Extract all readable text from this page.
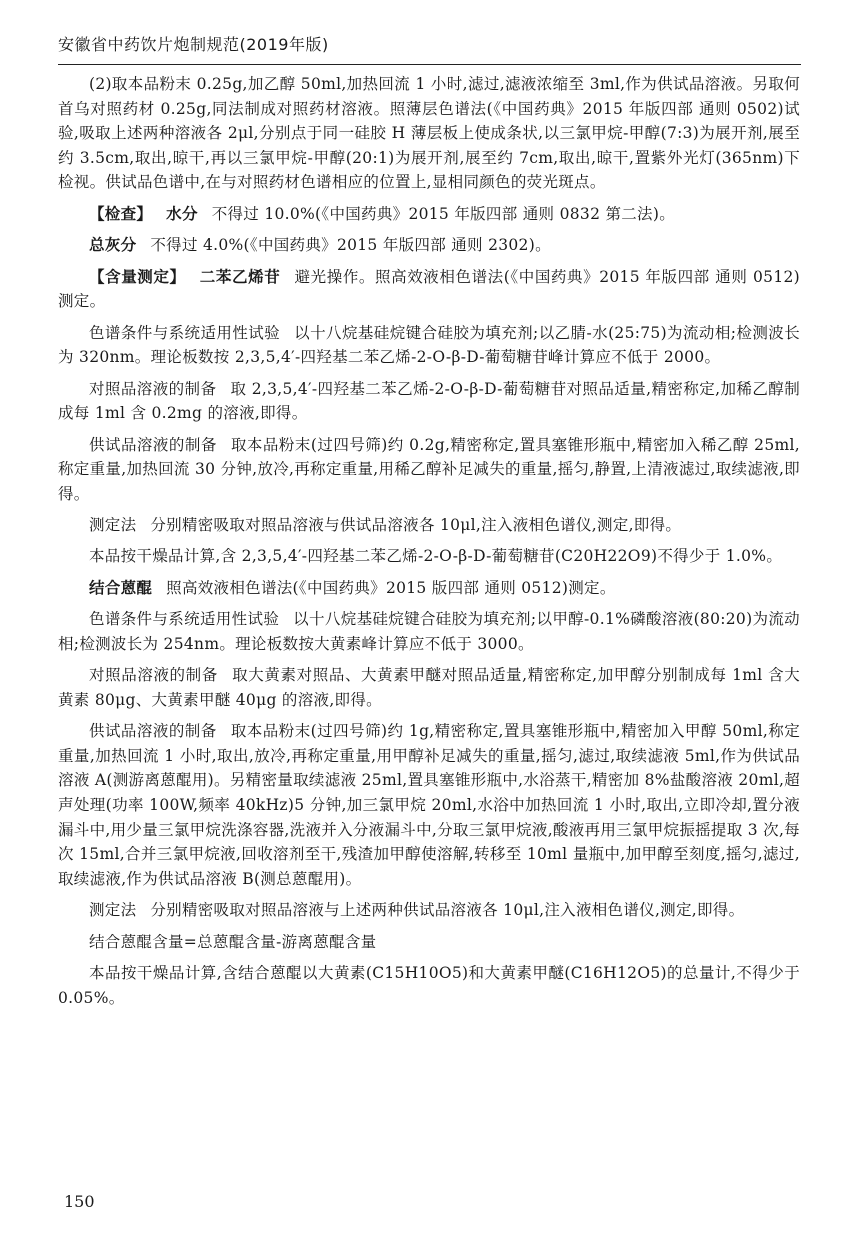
安徽省中药饮片炮制规范(2019年版)

(2)取本品粉末 0.25g,加乙醇 50ml,加热回流 1 小时,滤过,滤液浓缩至 3ml,作为供试品溶液。另取何首乌对照药材 0.25g,同法制成对照药材溶液。照薄层色谱法(《中国药典》2015 年版四部 通则 0502)试验,吸取上述两种溶液各 2μl,分别点于同一硅胶 H 薄层板上使成条状,以三氯甲烷-甲醇(7:3)为展开剂,展至约 3.5cm,取出,晾干,再以三氯甲烷-甲醇(20:1)为展开剂,展至约 7cm,取出,晾干,置紫外光灯(365nm)下检视。供试品色谱中,在与对照药材色谱相应的位置上,显相同颜色的荧光斑点。

【检查】 水分 不得过 10.0%(《中国药典》2015 年版四部 通则 0832 第二法)。

总灰分 不得过 4.0%(《中国药典》2015 年版四部 通则 2302)。

【含量测定】 二苯乙烯苷 避光操作。照高效液相色谱法(《中国药典》2015 年版四部 通则 0512)测定。

色谱条件与系统适用性试验 以十八烷基硅烷键合硅胶为填充剂;以乙腈-水(25:75)为流动相;检测波长为 320nm。理论板数按 2,3,5,4′-四羟基二苯乙烯-2-O-β-D-葡萄糖苷峰计算应不低于 2000。

对照品溶液的制备 取 2,3,5,4′-四羟基二苯乙烯-2-O-β-D-葡萄糖苷对照品适量,精密称定,加稀乙醇制成每 1ml 含 0.2mg 的溶液,即得。

供试品溶液的制备 取本品粉末(过四号筛)约 0.2g,精密称定,置具塞锥形瓶中,精密加入稀乙醇 25ml,称定重量,加热回流 30 分钟,放冷,再称定重量,用稀乙醇补足减失的重量,摇匀,静置,上清液滤过,取续滤液,即得。

测定法 分别精密吸取对照品溶液与供试品溶液各 10μl,注入液相色谱仪,测定,即得。

本品按干燥品计算,含 2,3,5,4′-四羟基二苯乙烯-2-O-β-D-葡萄糖苷(C20H22O9)不得少于 1.0%。

结合蒽醌 照高效液相色谱法(《中国药典》2015 版四部 通则 0512)测定。

色谱条件与系统适用性试验 以十八烷基硅烷键合硅胶为填充剂;以甲醇-0.1%磷酸溶液(80:20)为流动相;检测波长为 254nm。理论板数按大黄素峰计算应不低于 3000。

对照品溶液的制备 取大黄素对照品、大黄素甲醚对照品适量,精密称定,加甲醇分别制成每 1ml 含大黄素 80μg、大黄素甲醚 40μg 的溶液,即得。

供试品溶液的制备 取本品粉末(过四号筛)约 1g,精密称定,置具塞锥形瓶中,精密加入甲醇 50ml,称定重量,加热回流 1 小时,取出,放冷,再称定重量,用甲醇补足减失的重量,摇匀,滤过,取续滤液 5ml,作为供试品溶液 A(测游离蒽醌用)。另精密量取续滤液 25ml,置具塞锥形瓶中,水浴蒸干,精密加 8%盐酸溶液 20ml,超声处理(功率 100W,频率 40kHz)5 分钟,加三氯甲烷 20ml,水浴中加热回流 1 小时,取出,立即冷却,置分液漏斗中,用少量三氯甲烷洗涤容器,洗液并入分液漏斗中,分取三氯甲烷液,酸液再用三氯甲烷振摇提取 3 次,每次 15ml,合并三氯甲烷液,回收溶剂至干,残渣加甲醇使溶解,转移至 10ml 量瓶中,加甲醇至刻度,摇匀,滤过,取续滤液,作为供试品溶液 B(测总蒽醌用)。

测定法 分别精密吸取对照品溶液与上述两种供试品溶液各 10μl,注入液相色谱仪,测定,即得。

结合蒽醌含量=总蒽醌含量-游离蒽醌含量

本品按干燥品计算,含结合蒽醌以大黄素(C15H10O5)和大黄素甲醚(C16H12O5)的总量计,不得少于 0.05%。

150
